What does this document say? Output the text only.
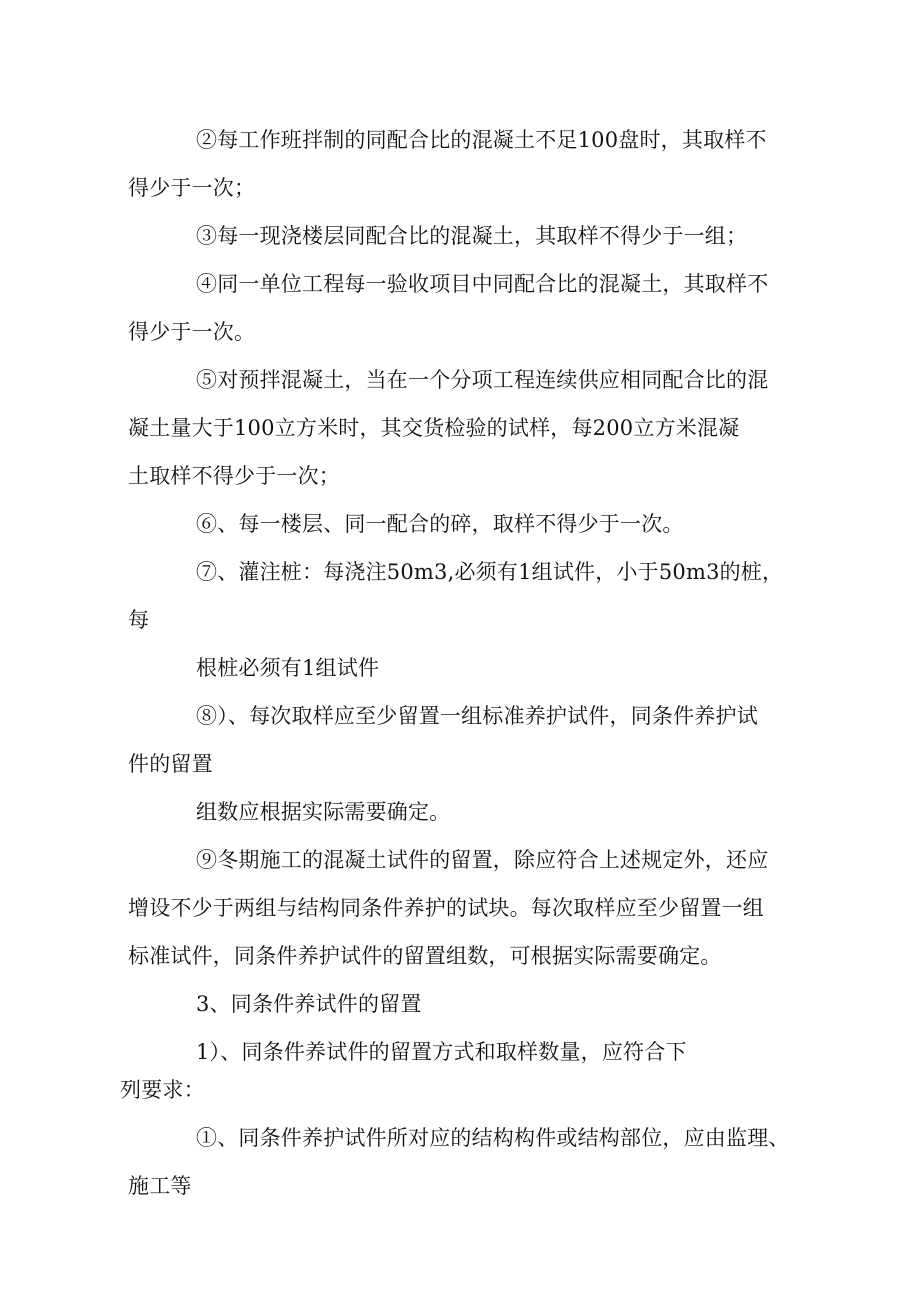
②每工作班拌制的同配合比的混凝土不足100盘时，其取样不
得少于一次；
③每一现浇楼层同配合比的混凝土，其取样不得少于一组；
④同一单位工程每一验收项目中同配合比的混凝土，其取样不
得少于一次。
⑤对预拌混凝土，当在一个分项工程连续供应相同配合比的混
凝土量大于100立方米时，其交货检验的试样，每200立方米混凝
土取样不得少于一次；
⑥、每一楼层、同一配合的碎，取样不得少于一次。
⑦、灌注桩：每浇注50m3,必须有1组试件，小于50m3的桩，
每
根桩必须有1组试件
⑧）、每次取样应至少留置一组标准养护试件，同条件养护试
件的留置
组数应根据实际需要确定。
⑨冬期施工的混凝土试件的留置，除应符合上述规定外，还应
增设不少于两组与结构同条件养护的试块。每次取样应至少留置一组
标准试件，同条件养护试件的留置组数，可根据实际需要确定。
3、同条件养试件的留置
1）、同条件养试件的留置方式和取样数量，应符合下
列要求：
①、同条件养护试件所对应的结构构件或结构部位，应由监理、
施工等
